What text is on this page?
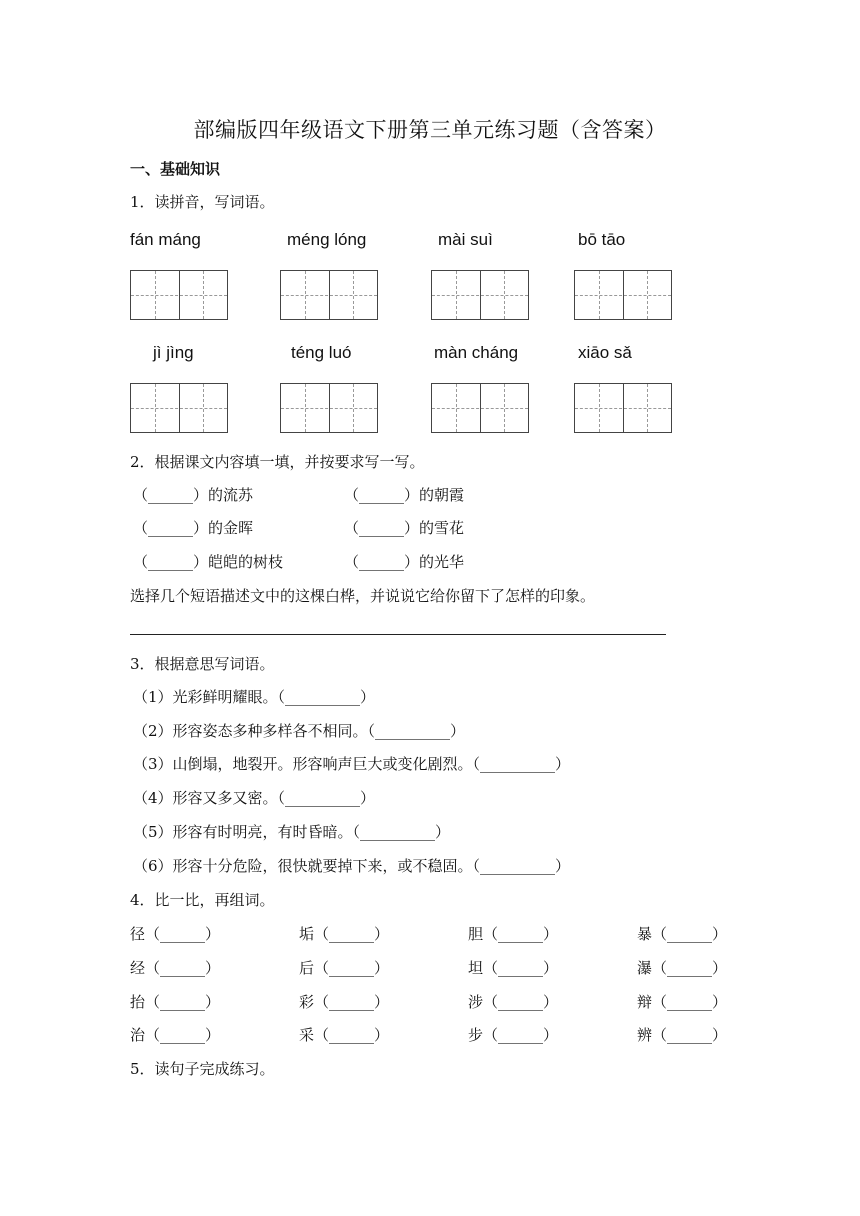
部编版四年级语文下册第三单元练习题（含答案）
一、基础知识
1．读拼音，写词语。
fán máng	méng lóng	mài suì	bō tāo
jì jìng	téng luó	màn cháng	xiāo sǎ
2．根据课文内容填一填，并按要求写一写。
（______）的流苏	（______）的朝霞
（______）的金晖	（______）的雪花
（______）皑皑的树枝	（______）的光华
选择几个短语描述文中的这棵白桦，并说说它给你留下了怎样的印象。
3．根据意思写词语。
（1）光彩鲜明耀眼。（__________）
（2）形容姿态多种多样各不相同。（__________）
（3）山倒塌，地裂开。形容响声巨大或变化剧烈。（__________）
（4）形容又多又密。（__________）
（5）形容有时明亮，有时昏暗。（__________）
（6）形容十分危险，很快就要掉下来，或不稳固。（__________）
4．比一比，再组词。
径（______）	垢（______）	胆（______）	暴（______）
经（______）	后（______）	坦（______）	瀑（______）
抬（______）	彩（______）	涉（______）	辩（______）
治（______）	采（______）	步（______）	辨（______）
5．读句子完成练习。
